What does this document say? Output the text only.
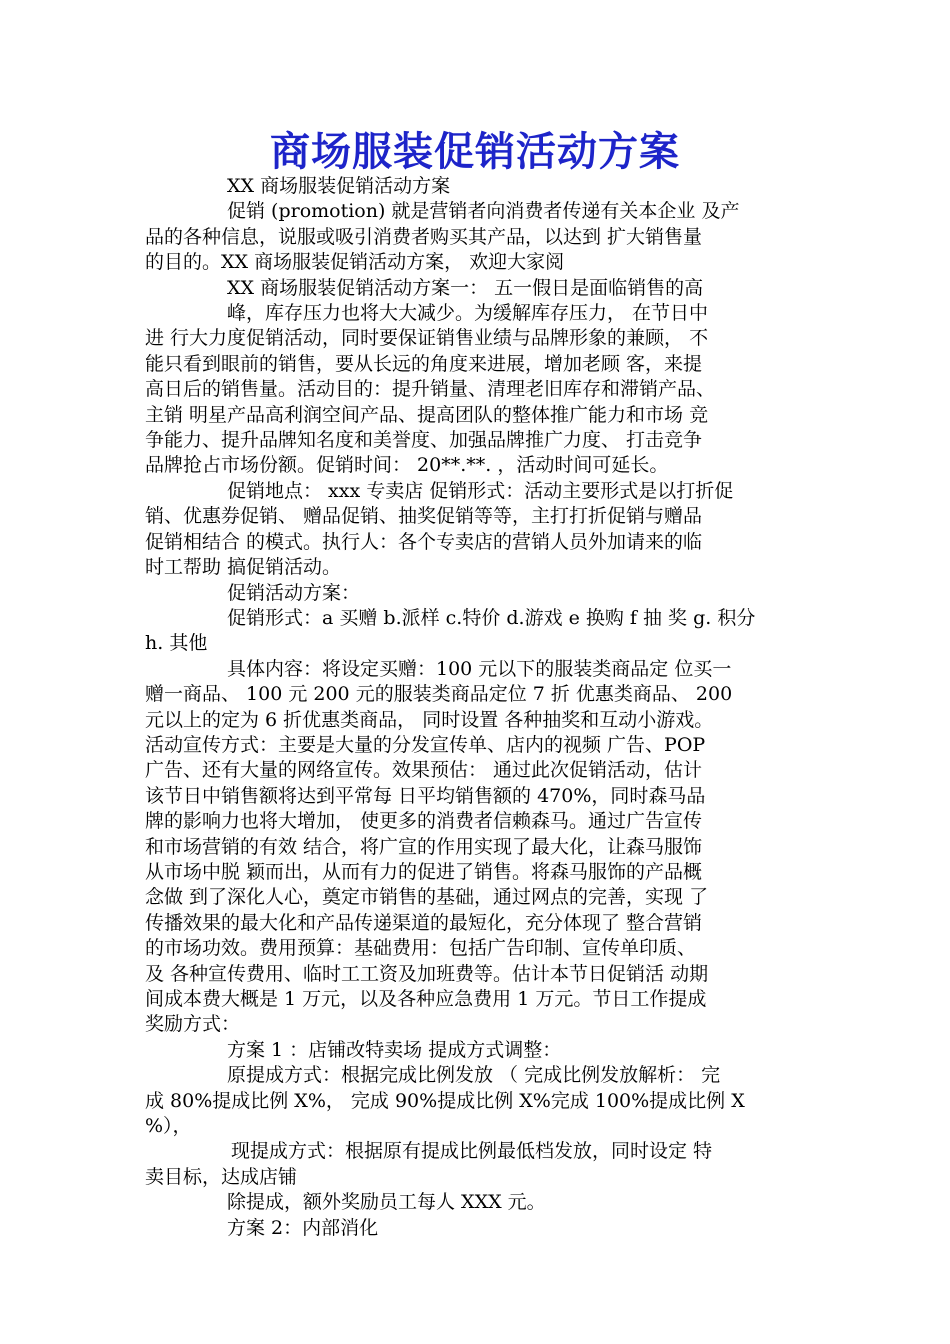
商场服装促销活动方案
XX 商场服装促销活动方案
促销 (promotion) 就是营销者向消费者传递有关本企业 及产
品的各种信息，说服或吸引消费者购买其产品，以达到 扩大销售量
的目的。XX 商场服装促销活动方案， 欢迎大家阅
XX 商场服装促销活动方案一： 五一假日是面临销售的高
峰，库存压力也将大大减少。为缓解库存压力， 在节日中
进 行大力度促销活动，同时要保证销售业绩与品牌形象的兼顾， 不
能只看到眼前的销售，要从长远的角度来进展，增加老顾 客，来提
高日后的销售量。活动目的：提升销量、清理老旧库存和滞销产品、
主销 明星产品高利润空间产品、提高团队的整体推广能力和市场 竞
争能力、提升品牌知名度和美誉度、加强品牌推广力度、 打击竞争
品牌抢占市场份额。促销时间： 20**.**. ，活动时间可延长。
促销地点： xxx 专卖店 促销形式：活动主要形式是以打折促
销、优惠券促销、 赠品促销、抽奖促销等等，主打打折促销与赠品
促销相结合 的模式。执行人：各个专卖店的营销人员外加请来的临
时工帮助 搞促销活动。
促销活动方案：
促销形式：a 买赠 b.派样 c.特价 d.游戏 e 换购 f 抽 奖 g. 积分
h. 其他
具体内容：将设定买赠：100 元以下的服装类商品定 位买一
赠一商品、 100 元 200 元的服装类商品定位 7 折 优惠类商品、 200
元以上的定为 6 折优惠类商品， 同时设置 各种抽奖和互动小游戏。
活动宣传方式：主要是大量的分发宣传单、店内的视频 广告、POP
广告、还有大量的网络宣传。效果预估： 通过此次促销活动，估计
该节日中销售额将达到平常每 日平均销售额的 470%，同时森马品
牌的影响力也将大增加， 使更多的消费者信赖森马。通过广告宣传
和市场营销的有效 结合，将广宣的作用实现了最大化，让森马服饰
从市场中脱 颖而出，从而有力的促进了销售。将森马服饰的产品概
念做 到了深化人心，奠定市销售的基础，通过网点的完善，实现 了
传播效果的最大化和产品传递渠道的最短化，充分体现了 整合营销
的市场功效。费用预算：基础费用：包括广告印制、宣传单印质、
及 各种宣传费用、临时工工资及加班费等。估计本节日促销活 动期
间成本费大概是 1 万元，以及各种应急费用 1 万元。节日工作提成
奖励方式：
方案 1 ：店铺改特卖场 提成方式调整：
原提成方式：根据完成比例发放 （ 完成比例发放解析： 完
成 80%提成比例 X%， 完成 90%提成比例 X%完成 100%提成比例 X
%），
现提成方式：根据原有提成比例最低档发放，同时设定 特
卖目标，达成店铺
除提成，额外奖励员工每人 XXX 元。
方案 2：内部消化
